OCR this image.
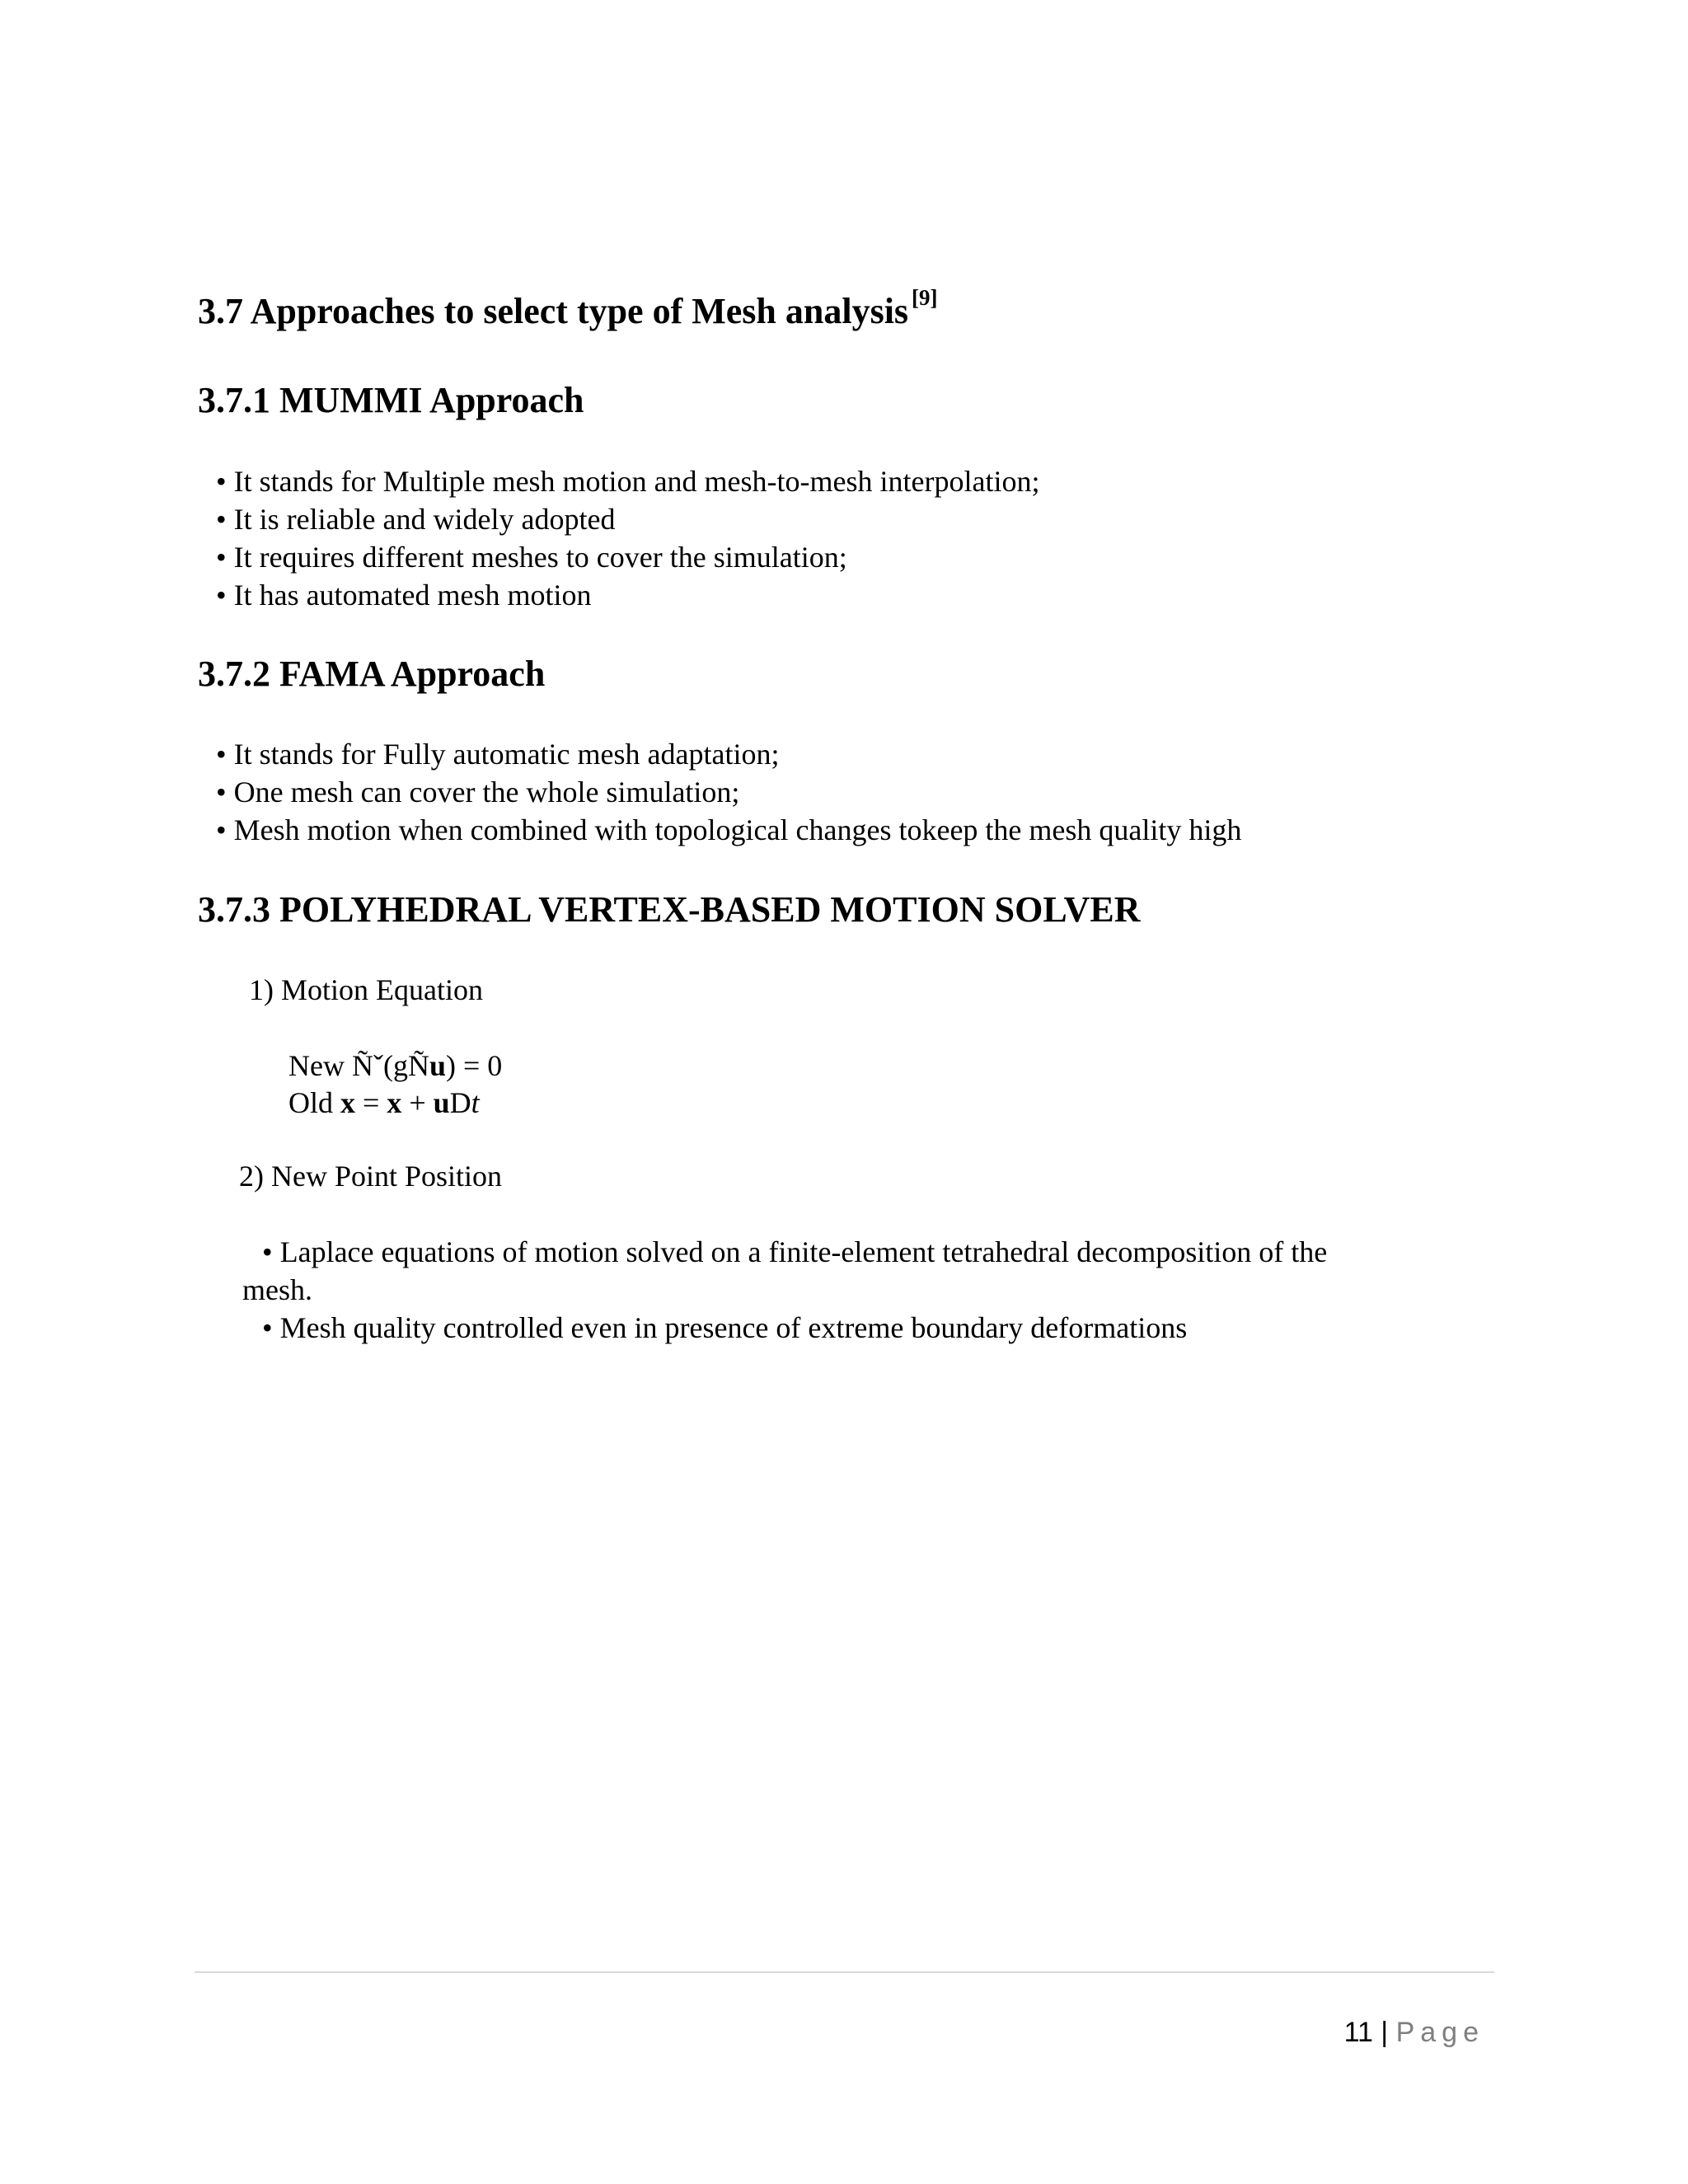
3.7 Approaches to select type of Mesh analysis [9]
3.7.1 MUMMI Approach
• It stands for Multiple mesh motion and mesh-to-mesh interpolation;
• It is reliable and widely adopted
• It requires different meshes to cover the simulation;
• It has automated mesh motion
3.7.2 FAMA Approach
• It stands for Fully automatic mesh adaptation;
• One mesh can cover the whole simulation;
• Mesh motion when combined with topological changes tokeep the mesh quality high
3.7.3 POLYHEDRAL VERTEX-BASED MOTION SOLVER
1) Motion Equation
New Ñˇ(gÑu) = 0
Old x = x + uDt
2) New Point Position
• Laplace equations of motion solved on a finite-element tetrahedral decomposition of the
mesh.
• Mesh quality controlled even in presence of extreme boundary deformations
11 | Page
